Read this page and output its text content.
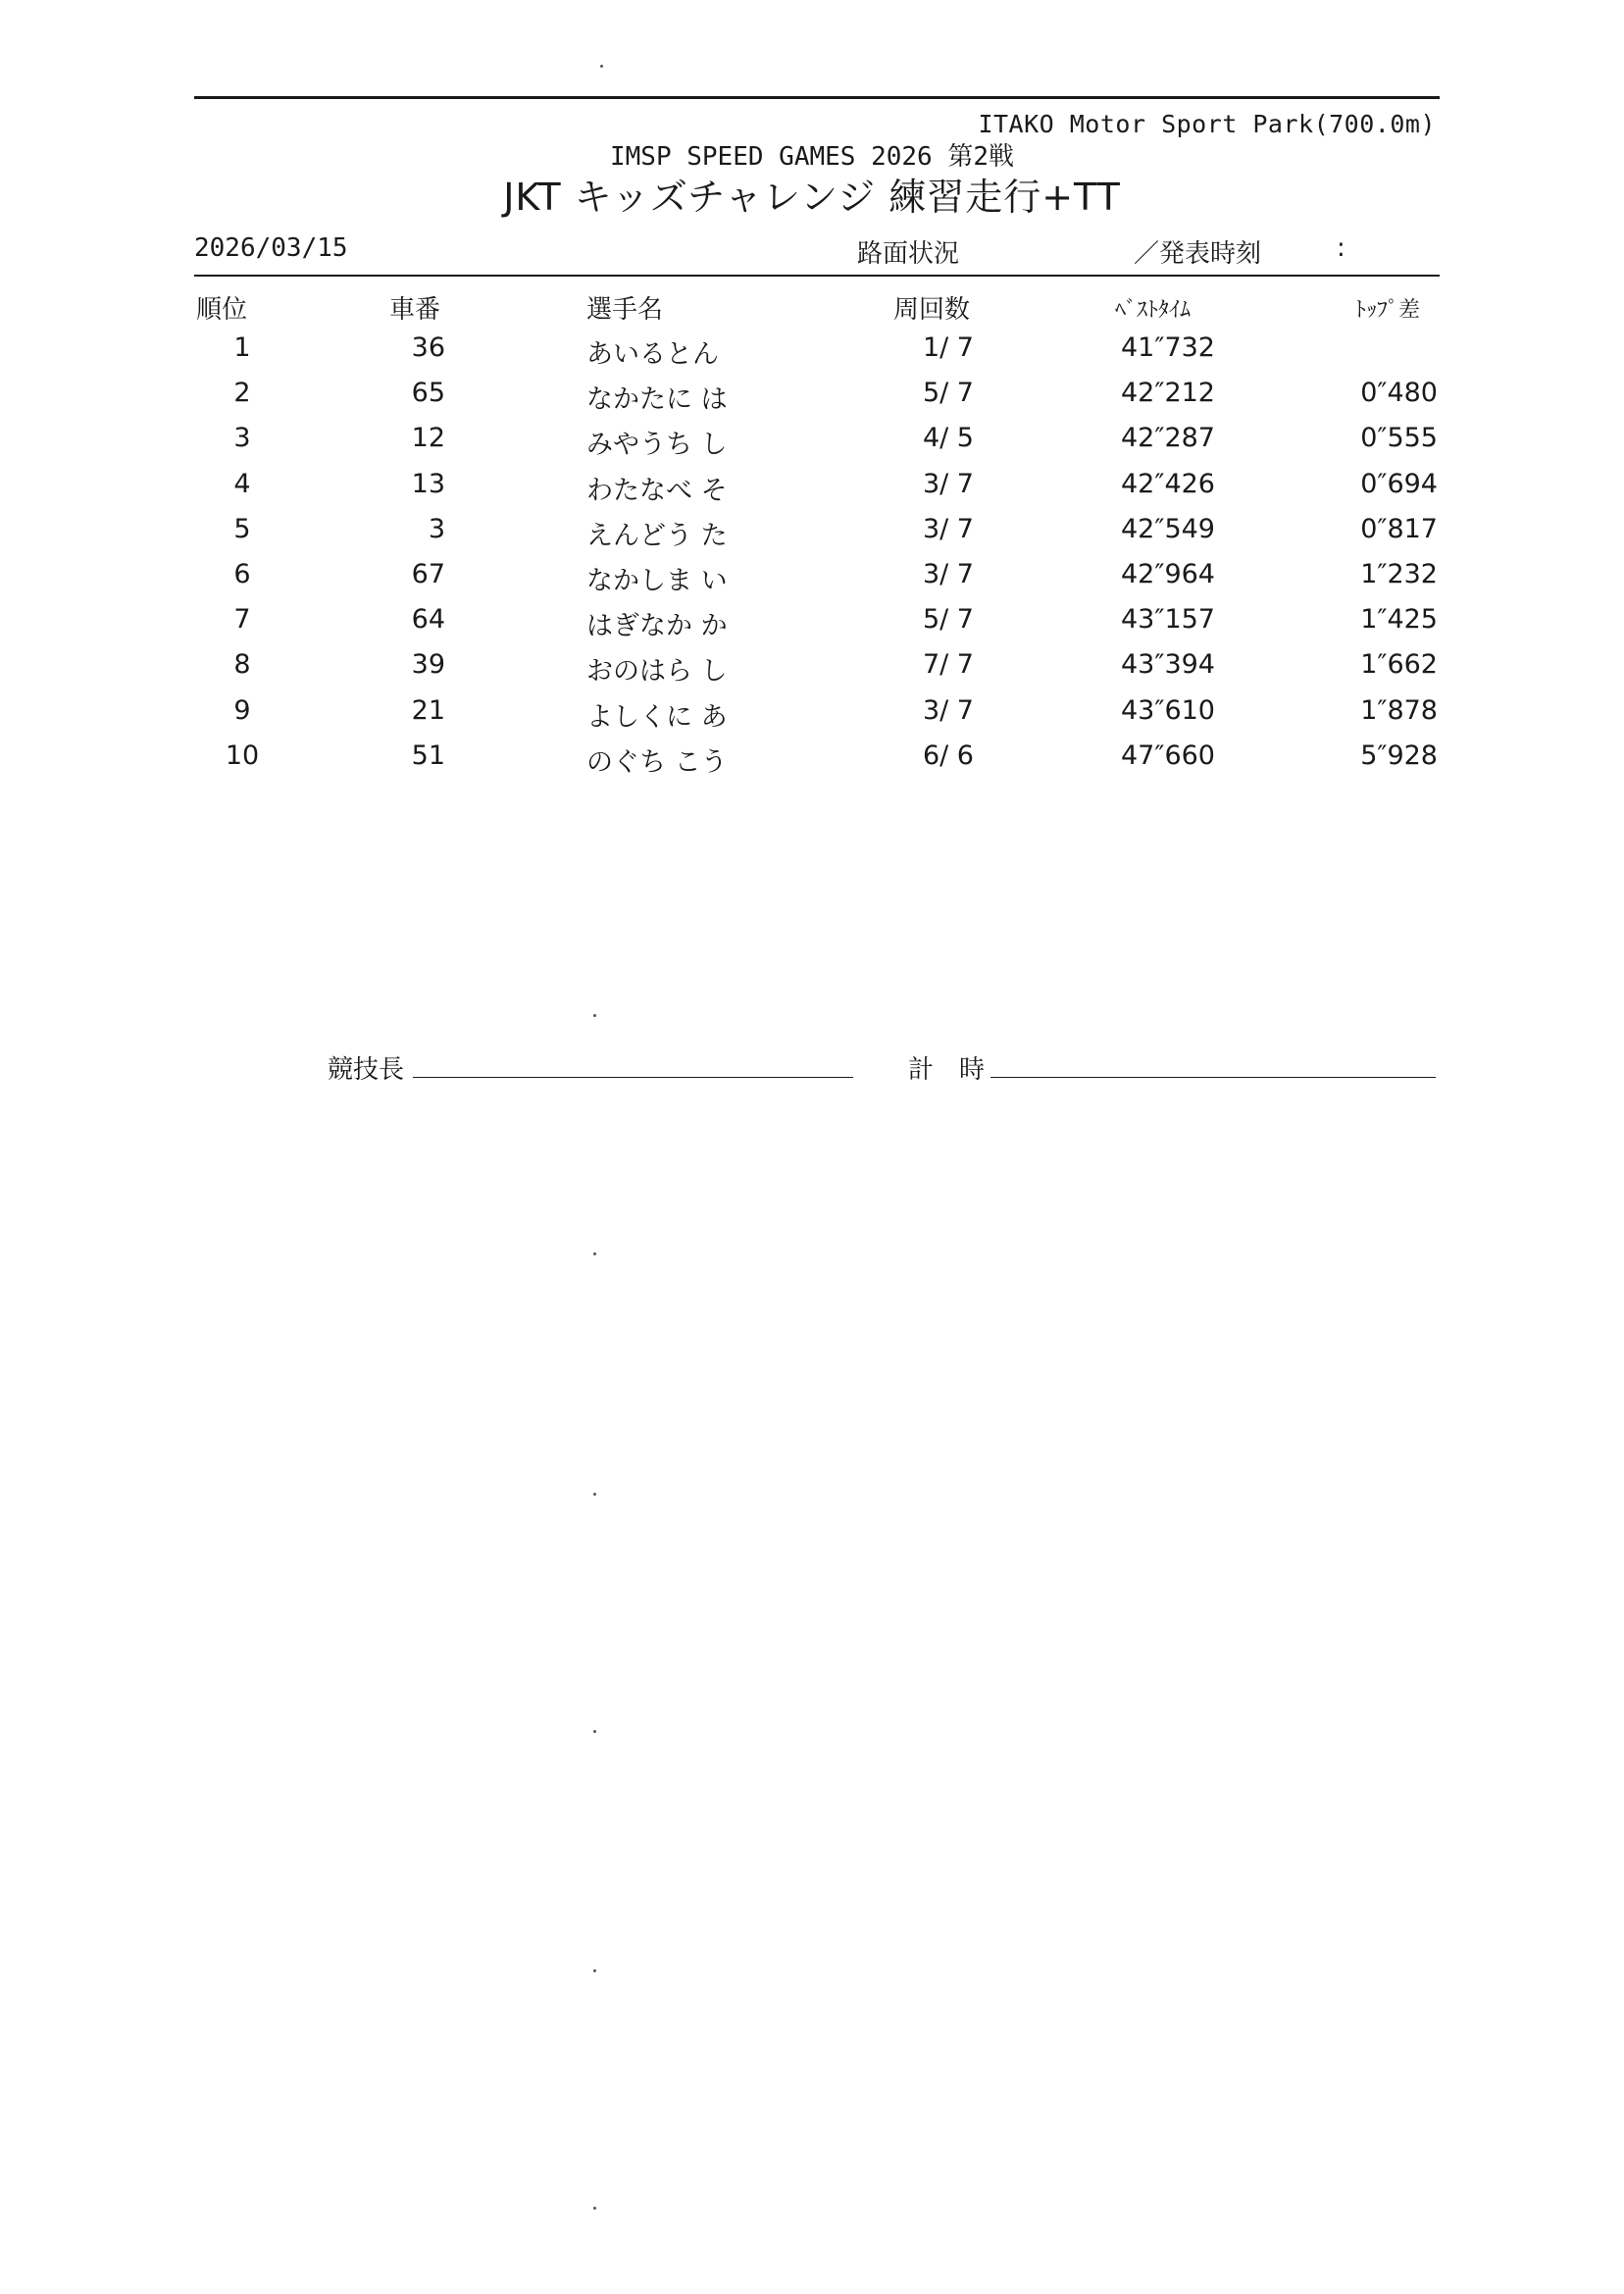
ITAKO Motor Sport Park(700.0m)
IMSP SPEED GAMES 2026 第2戦
JKT キッズチャレンジ 練習走行+TT
2026/03/15	路面状況	／発表時刻	:
順位	車番	選手名	周回数	ﾍﾞｽﾄﾀｲﾑ	ﾄｯﾌﾟ差
1	36	あいるとん	1/ 7	41″732
2	65	なかたに は	5/ 7	42″212	0″480
3	12	みやうち し	4/ 5	42″287	0″555
4	13	わたなべ そ	3/ 7	42″426	0″694
5	3	えんどう た	3/ 7	42″549	0″817
6	67	なかしま い	3/ 7	42″964	1″232
7	64	はぎなか か	5/ 7	43″157	1″425
8	39	おのはら し	7/ 7	43″394	1″662
9	21	よしくに あ	3/ 7	43″610	1″878
10	51	のぐち こう	6/ 6	47″660	5″928
競技長	計　時
